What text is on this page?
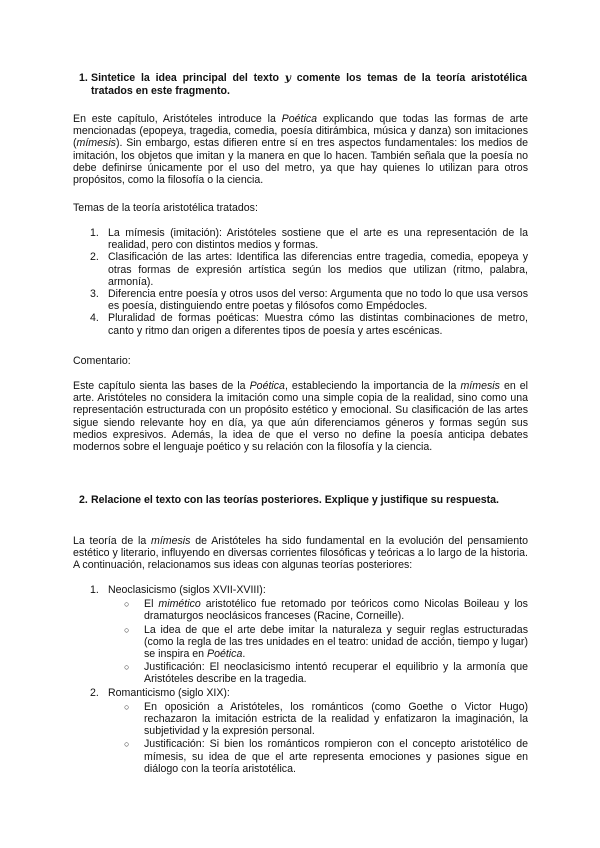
1. Sintetice la idea principal del texto y comente los temas de la teoría aristotélica tratados en este fragmento.
En este capítulo, Aristóteles introduce la Poética explicando que todas las formas de arte mencionadas (epopeya, tragedia, comedia, poesía ditirámbica, música y danza) son imitaciones (mímesis). Sin embargo, estas difieren entre sí en tres aspectos fundamentales: los medios de imitación, los objetos que imitan y la manera en que lo hacen. También señala que la poesía no debe definirse únicamente por el uso del metro, ya que hay quienes lo utilizan para otros propósitos, como la filosofía o la ciencia.
Temas de la teoría aristotélica tratados:
1. La mímesis (imitación): Aristóteles sostiene que el arte es una representación de la realidad, pero con distintos medios y formas.
2. Clasificación de las artes: Identifica las diferencias entre tragedia, comedia, epopeya y otras formas de expresión artística según los medios que utilizan (ritmo, palabra, armonía).
3. Diferencia entre poesía y otros usos del verso: Argumenta que no todo lo que usa versos es poesía, distinguiendo entre poetas y filósofos como Empédocles.
4. Pluralidad de formas poéticas: Muestra cómo las distintas combinaciones de metro, canto y ritmo dan origen a diferentes tipos de poesía y artes escénicas.
Comentario:
Este capítulo sienta las bases de la Poética, estableciendo la importancia de la mímesis en el arte. Aristóteles no considera la imitación como una simple copia de la realidad, sino como una representación estructurada con un propósito estético y emocional. Su clasificación de las artes sigue siendo relevante hoy en día, ya que aún diferenciamos géneros y formas según sus medios expresivos. Además, la idea de que el verso no define la poesía anticipa debates modernos sobre el lenguaje poético y su relación con la filosofía y la ciencia.
2. Relacione el texto con las teorías posteriores. Explique y justifique su respuesta.
La teoría de la mímesis de Aristóteles ha sido fundamental en la evolución del pensamiento estético y literario, influyendo en diversas corrientes filosóficas y teóricas a lo largo de la historia. A continuación, relacionamos sus ideas con algunas teorías posteriores:
1. Neoclasicismo (siglos XVII-XVIII):
○ El mimético aristotélico fue retomado por teóricos como Nicolas Boileau y los dramaturgos neoclásicos franceses (Racine, Corneille).
○ La idea de que el arte debe imitar la naturaleza y seguir reglas estructuradas (como la regla de las tres unidades en el teatro: unidad de acción, tiempo y lugar) se inspira en Poética.
○ Justificación: El neoclasicismo intentó recuperar el equilibrio y la armonía que Aristóteles describe en la tragedia.
2. Romanticismo (siglo XIX):
○ En oposición a Aristóteles, los románticos (como Goethe o Victor Hugo) rechazaron la imitación estricta de la realidad y enfatizaron la imaginación, la subjetividad y la expresión personal.
○ Justificación: Si bien los románticos rompieron con el concepto aristotélico de mímesis, su idea de que el arte representa emociones y pasiones sigue en diálogo con la teoría aristotélica.
